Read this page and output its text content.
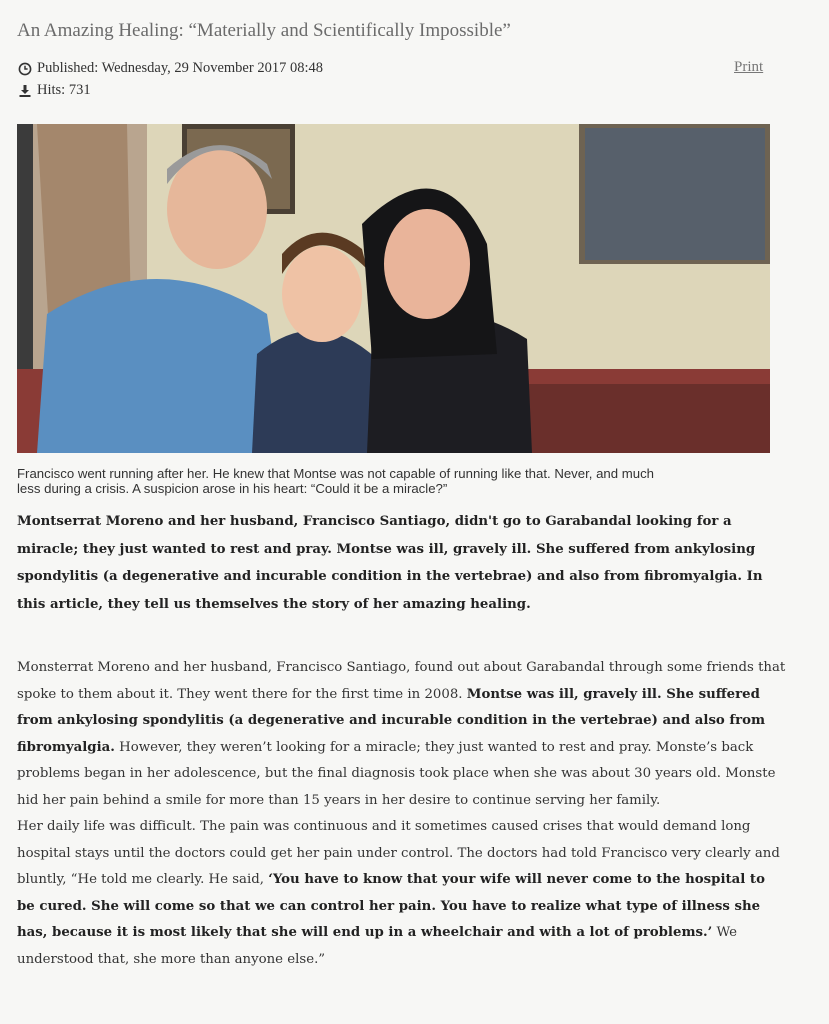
An Amazing Healing: “Materially and Scientifically Impossible”
Published: Wednesday, 29 November 2017 08:48
Hits: 731
Print
Francisco went running after her. He knew that Montse was not capable of running like that. Never, and much
less during a crisis. A suspicion arose in his heart: “Could it be a miracle?”
Montserrat Moreno and her husband, Francisco Santiago, didn't go to Garabandal looking for a miracle; they just wanted to rest and pray. Montse was ill, gravely ill. She suffered from ankylosing spondylitis (a degenerative and incurable condition in the vertebrae) and also from fibromyalgia. In this article, they tell us themselves the story of her amazing healing.

Monsterrat Moreno and her husband, Francisco Santiago, found out about Garabandal through some friends that spoke to them about it. They went there for the first time in 2008. Montse was ill, gravely ill. She suffered from ankylosing spondylitis (a degenerative and incurable condition in the vertebrae) and also from fibromyalgia. However, they weren’t looking for a miracle; they just wanted to rest and pray. Monste’s back problems began in her adolescence, but the final diagnosis took place when she was about 30 years old. Monste hid her pain behind a smile for more than 15 years in her desire to continue serving her family.

Her daily life was difficult. The pain was continuous and it sometimes caused crises that would demand long hospital stays until the doctors could get her pain under control. The doctors had told Francisco very clearly and bluntly, “He told me clearly. He said, ‘You have to know that your wife will never come to the hospital to be cured. She will come so that we can control her pain. You have to realize what type of illness she has, because it is most likely that she will end up in a wheelchair and with a lot of problems.’ We understood that, she more than anyone else.”
